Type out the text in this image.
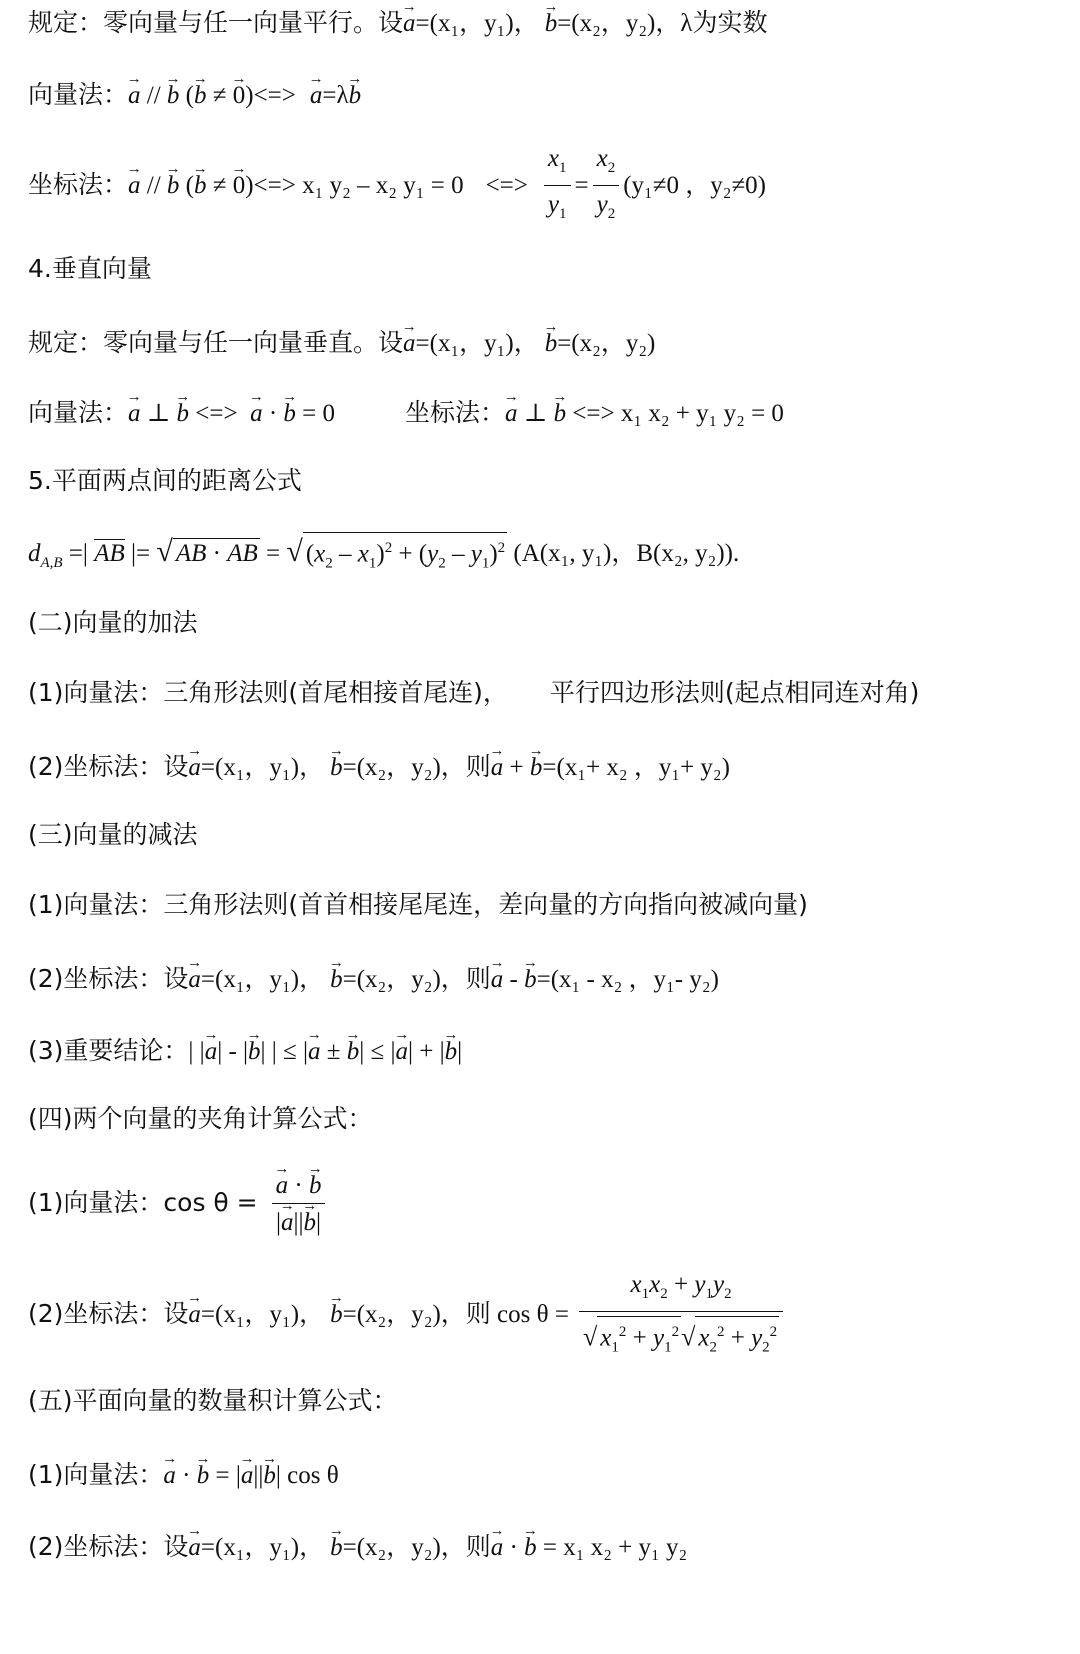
规定：零向量与任一向量平行。设→ a=(x₁，y₁)， → b=(x₂，y₂)，λ为实数
向量法：→ a // → b (→ b ≠ → 0)<=> → a=λ→ b
坐标法：→ a // → b (→ b ≠ → 0)<=> x₁ y₂ – x₂ y₁ = 0 <=> $\frac{x_1}{y_1} = \frac{x_2}{y_2} (y_1\ne 0$ ，y₂≠0)
4.垂直向量
规定：零向量与任一向量垂直。设→ a=(x₁，y₁)， → b=(x₂，y₂)
向量法：→ a ⊥ → b <=>  → a · → b = 0	坐标法：→ a ⊥ → b <=> x₁ x₂ + y₁ y₂ = 0
5.平面两点间的距离公式
$d_{A,B}$ =| AB |= √ AB · AB = √ $(x_2 - x_1)^2 + (y_2 - y_1)^2$ (A(x₁, y₁)，B(x₂, y₂)).
(二)向量的加法
(1)向量法：三角形法则(首尾相接首尾连)， 平行四边形法则(起点相同连对角)
(2)坐标法：设→ a=(x₁，y₁)， → b=(x₂，y₂)，则→ a + → b=(x₁+ x₂ ，y₁+ y₂)
(三)向量的减法
(1)向量法：三角形法则(首首相接尾尾连，差向量的方向指向被减向量)
(2)坐标法：设→ a=(x₁，y₁)， → b=(x₂，y₂)，则→ a - → b=(x₁ - x₂ ，y₁- y₂)
(3)重要结论：| |→ a| - |→ b| | ≤ |→ a ± → b| ≤ |→ a| + |→ b|
(四)两个向量的夹角计算公式：
(1)向量法：cos θ = → $\frac{a \cdot \to b}{|\to a||\to b|}$
(2)坐标法：设→ a=(x₁，y₁)， → b=(x₂，y₂)，则 $\cos \theta = \frac{x_1x_2 + y_1y_2}{√ x_1^2 + y_1^2√ x_2^2 + y_2^2}$
(五)平面向量的数量积计算公式：
(1)向量法：→ a · → b = |→ a||→ b| cos θ
(2)坐标法：设→ a=(x₁，y₁)， → b=(x₂，y₂)，则→ a · → b = x₁ x₂ + y₁ y₂
